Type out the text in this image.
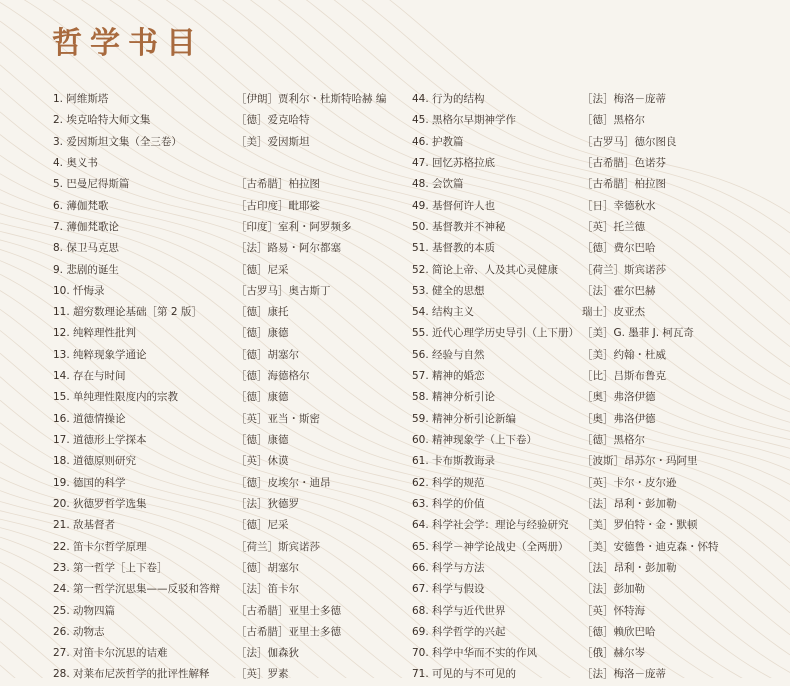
哲学书目
1. 阿维斯塔	［伊朗］贾利尔・杜斯特哈赫 编
2. 埃克哈特大师文集	［德］爱克哈特
3. 爱因斯坦文集（全三卷）	［美］爱因斯坦
4. 奥义书
5. 巴曼尼得斯篇	［古希腊］柏拉图
6. 薄伽梵歌	［古印度］毗耶娑
7. 薄伽梵歌论	［印度］室利・阿罗频多
8. 保卫马克思	［法］路易・阿尔都塞
9. 悲剧的诞生	［德］尼采
10. 忏悔录	［古罗马］奥古斯丁
11. 超穷数理论基础［第 2 版］	［德］康托
12. 纯粹理性批判	［德］康德
13. 纯粹现象学通论	［德］胡塞尔
14. 存在与时间	［德］海德格尔
15. 单纯理性限度内的宗教	［德］康德
16. 道德情操论	［英］亚当・斯密
17. 道德形上学探本	［德］康德
18. 道德原则研究	［英］休谟
19. 德国的科学	［德］皮埃尔・迪昂
20. 狄德罗哲学选集	［法］狄德罗
21. 敌基督者	［德］尼采
22. 笛卡尔哲学原理	［荷兰］斯宾诺莎
23. 第一哲学［上下卷］	［德］胡塞尔
24. 第一哲学沉思集——反驳和答辩 ［法］笛卡尔
25. 动物四篇	［古希腊］亚里士多德
26. 动物志	［古希腊］亚里士多德
27. 对笛卡尔沉思的诘难	［法］伽森狄
28. 对莱布尼茨哲学的批评性解释	［英］罗素
44. 行为的结构	［法］梅洛－庞蒂
45. 黑格尔早期神学作	［德］黑格尔
46. 护教篇	［古罗马］德尔图良
47. 回忆苏格拉底	［古希腊］色诺芬
48. 会饮篇	［古希腊］柏拉图
49. 基督何许人也	［日］幸德秋水
50. 基督教并不神秘	［英］托兰德
51. 基督教的本质	［德］费尔巴哈
52. 简论上帝、人及其心灵健康 ［荷兰］斯宾诺莎
53. 健全的思想	［法］霍尔巴赫
54. 结构主义	瑞士］皮亚杰
55. 近代心理学历史导引（上下册） ［美］G. 墨菲 J. 柯瓦奇
56. 经验与自然	［美］约翰・杜威
57. 精神的婚恋	［比］吕斯布鲁克
58. 精神分析引论	［奥］弗洛伊德
59. 精神分析引论新编	［奥］弗洛伊德
60. 精神现象学（上下卷）	［德］黑格尔
61. 卡布斯教诲录	［波斯］昂苏尔・玛阿里
62. 科学的规范	［英］卡尔・皮尔逊
63. 科学的价值	［法］昂利・彭加勒
64. 科学社会学：理论与经验研究 ［美］罗伯特・金・默顿
65. 科学－神学论战史（全两册） ［美］安德鲁・迪克森・怀特
66. 科学与方法	［法］昂利・彭加勒
67. 科学与假设	［法］彭加勒
68. 科学与近代世界	［英］怀特海
69. 科学哲学的兴起	［德］赖欣巴哈
70. 科学中华而不实的作风	［俄］赫尔岑
71. 可见的与不可见的	［法］梅洛－庞蒂
